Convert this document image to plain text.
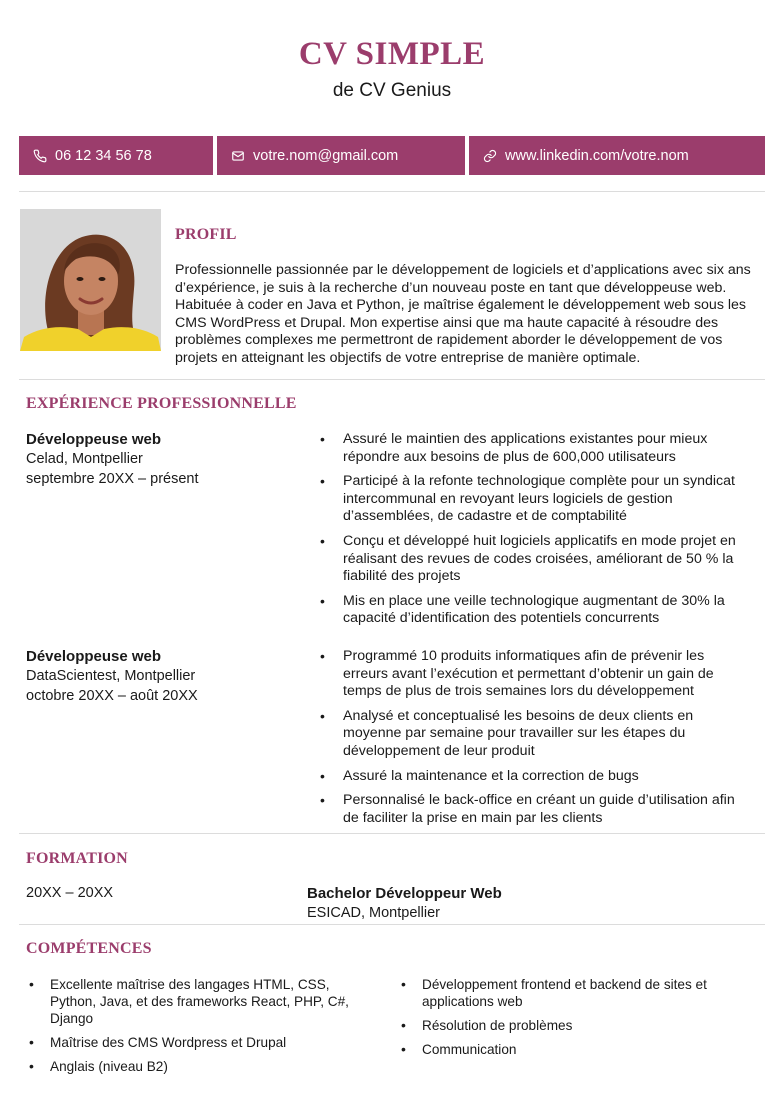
CV SIMPLE
de CV Genius
06 12 34 56 78	votre.nom@gmail.com	www.linkedin.com/votre.nom
PROFIL
Professionnelle passionnée par le développement de logiciels et d’applications avec six ans d’expérience, je suis à la recherche d’un nouveau poste en tant que développeuse web. Habituée à coder en Java et Python, je maîtrise également le développement web sous les CMS WordPress et Drupal. Mon expertise ainsi que ma haute capacité à résoudre des problèmes complexes me permettront de rapidement aborder le développement de vos projets en atteignant les objectifs de votre entreprise de manière optimale.
EXPÉRIENCE PROFESSIONNELLE
Développeuse web
Celad, Montpellier
septembre 20XX – présent
• Assuré le maintien des applications existantes pour mieux répondre aux besoins de plus de 600,000 utilisateurs
• Participé à la refonte technologique complète pour un syndicat intercommunal en revoyant leurs logiciels de gestion d’assemblées, de cadastre et de comptabilité
• Conçu et développé huit logiciels applicatifs en mode projet en réalisant des revues de codes croisées, améliorant de 50 % la fiabilité des projets
• Mis en place une veille technologique augmentant de 30% la capacité d’identification des potentiels concurrents
Développeuse web
DataScientest, Montpellier
octobre 20XX – août 20XX
• Programmé 10 produits informatiques afin de prévenir les erreurs avant l’exécution et permettant d’obtenir un gain de temps de plus de trois semaines lors du développement
• Analysé et conceptualisé les besoins de deux clients en moyenne par semaine pour travailler sur les étapes du développement de leur produit
• Assuré la maintenance et la correction de bugs
• Personnalisé le back-office en créant un guide d’utilisation afin de faciliter la prise en main par les clients
FORMATION
20XX – 20XX	Bachelor Développeur Web
ESICAD, Montpellier
COMPÉTENCES
• Excellente maîtrise des langages HTML, CSS, Python, Java, et des frameworks React, PHP, C#, Django
• Maîtrise des CMS Wordpress et Drupal
• Anglais (niveau B2)
• Développement frontend et backend de sites et applications web
• Résolution de problèmes
• Communication
